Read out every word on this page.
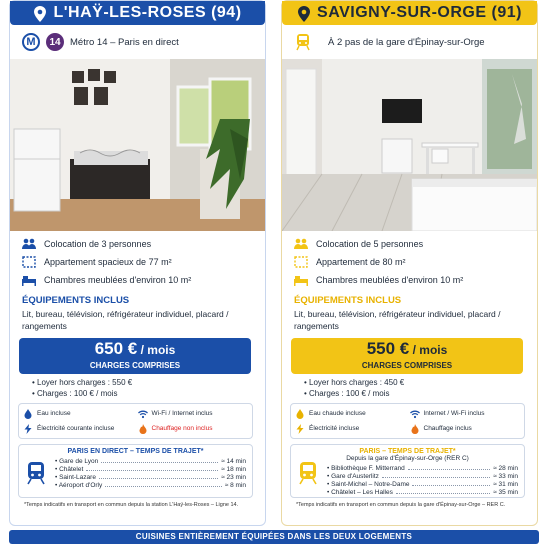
L'HAŸ-LES-ROSES (94)
M	14 Métro 14 – Paris en direct
Colocation de 3 personnes
Appartement spacieux de 77 m²
Chambres meublées d'environ 10 m²
ÉQUIPEMENTS INCLUS
Lit, bureau, télévision, réfrigérateur individuel, placard / rangements
650 € / mois
CHARGES COMPRISES
• Loyer hors charges : 550 €
• Charges : 100 € / mois
Eau incluse	Wi-Fi / Internet inclus
Électricité courante incluse	Chauffage non inclus
PARIS EN DIRECT – TEMPS DE TRAJET*
• Gare de Lyon	≈ 14 min
• Châtelet	≈ 18 min
• Saint-Lazare	≈ 23 min
• Aéroport d'Orly	≈ 8 min
*Temps indicatifs en transport en commun depuis la station L'Haÿ-les-Roses – Ligne 14.
SAVIGNY-SUR-ORGE (91)
À 2 pas de la gare d'Épinay-sur-Orge
Colocation de 5 personnes
Appartement de 80 m²
Chambres meublées d'environ 10 m²
ÉQUIPEMENTS INCLUS
Lit, bureau, télévision, réfrigérateur individuel, placard / rangements
550 € / mois
CHARGES COMPRISES
• Loyer hors charges : 450 €
• Charges : 100 € / mois
Eau chaude incluse	Internet / Wi-Fi inclus
Électricité incluse	Chauffage inclus
PARIS – TEMPS DE TRAJET*
Depuis la gare d'Épinay-sur-Orge (RER C)
• Bibliothèque F. Mitterrand	≈ 28 min
• Gare d'Austerlitz	≈ 33 min
• Saint-Michel – Notre-Dame	≈ 31 min
• Châtelet – Les Halles	≈ 35 min
*Temps indicatifs en transport en commun depuis la gare d'Épinay-sur-Orge – RER C.
CUISINES ENTIÈREMENT ÉQUIPÉES DANS LES DEUX LOGEMENTS
